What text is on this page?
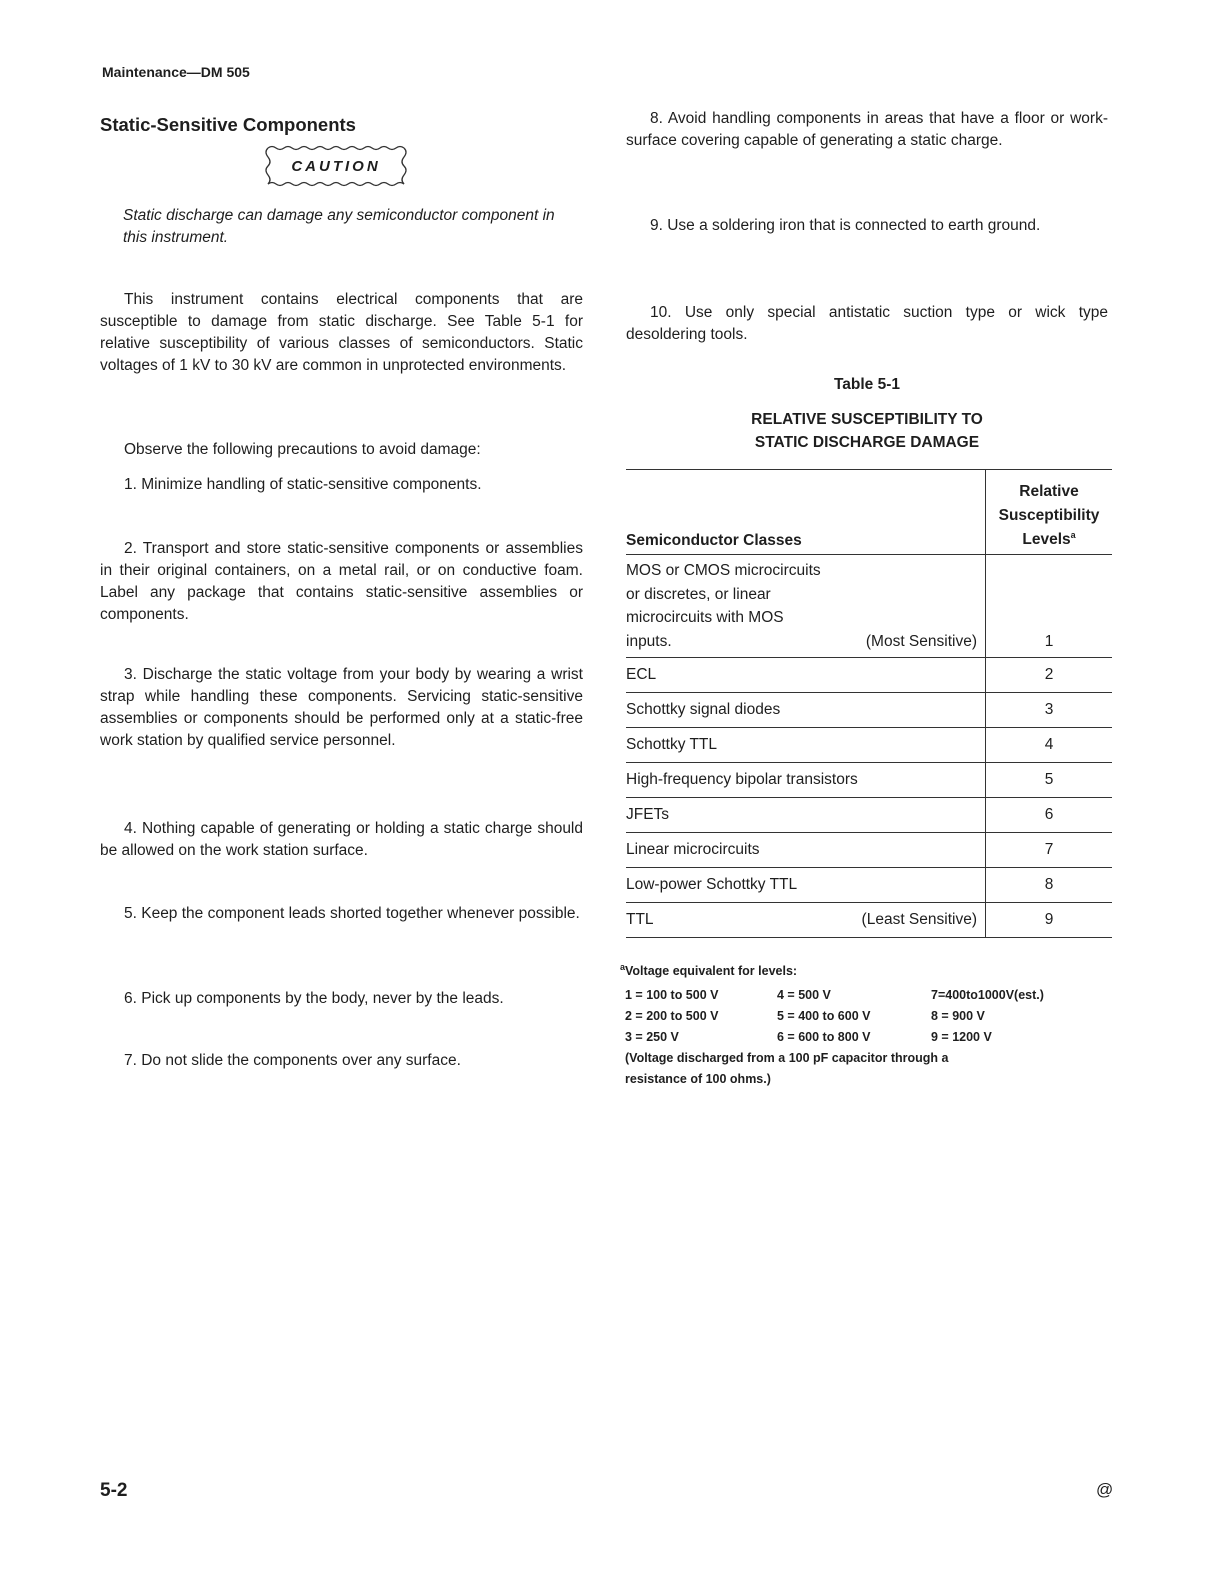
Maintenance—DM 505
Static-Sensitive Components
CAUTION
Static discharge can damage any semiconductor component in this instrument.
This instrument contains electrical components that are susceptible to damage from static discharge. See Table 5-1 for relative susceptibility of various classes of semiconductors. Static voltages of 1 kV to 30 kV are common in unprotected environments.
Observe the following precautions to avoid damage:
1. Minimize handling of static-sensitive components.
2. Transport and store static-sensitive components or assemblies in their original containers, on a metal rail, or on conductive foam. Label any package that contains static-sensitive assemblies or components.
3. Discharge the static voltage from your body by wearing a wrist strap while handling these components. Servicing static-sensitive assemblies or components should be performed only at a static-free work station by qualified service personnel.
4. Nothing capable of generating or holding a static charge should be allowed on the work station surface.
5. Keep the component leads shorted together whenever possible.
6. Pick up components by the body, never by the leads.
7. Do not slide the components over any surface.
8. Avoid handling components in areas that have a floor or work-surface covering capable of generating a static charge.
9. Use a soldering iron that is connected to earth ground.
10. Use only special antistatic suction type or wick type desoldering tools.
Table 5-1
RELATIVE SUSCEPTIBILITY TO
STATIC DISCHARGE DAMAGE
Semiconductor Classes	Relative
Susceptibility
Levels$^a$

MOS or CMOS microcircuits
or discretes, or linear
microcircuits with MOS
inputs. (Most Sensitive)	1
ECL	2
Schottky signal diodes	3
Schottky TTL	4
High-frequency bipolar transistors	5
JFETs	6
Linear microcircuits	7
Low-power Schottky TTL	8

TTL (Least Sensitive)	9
$^a$Voltage equivalent for levels:
1 = 100 to 500 V	4 = 500 V	7=400to1000V(est.)
2 = 200 to 500 V	5 = 400 to 600 V	8 = 900 V
3 = 250 V	6 = 600 to 800 V	9 = 1200 V
(Voltage discharged from a 100 pF capacitor through a
resistance of 100 ohms.)
5-2	@
